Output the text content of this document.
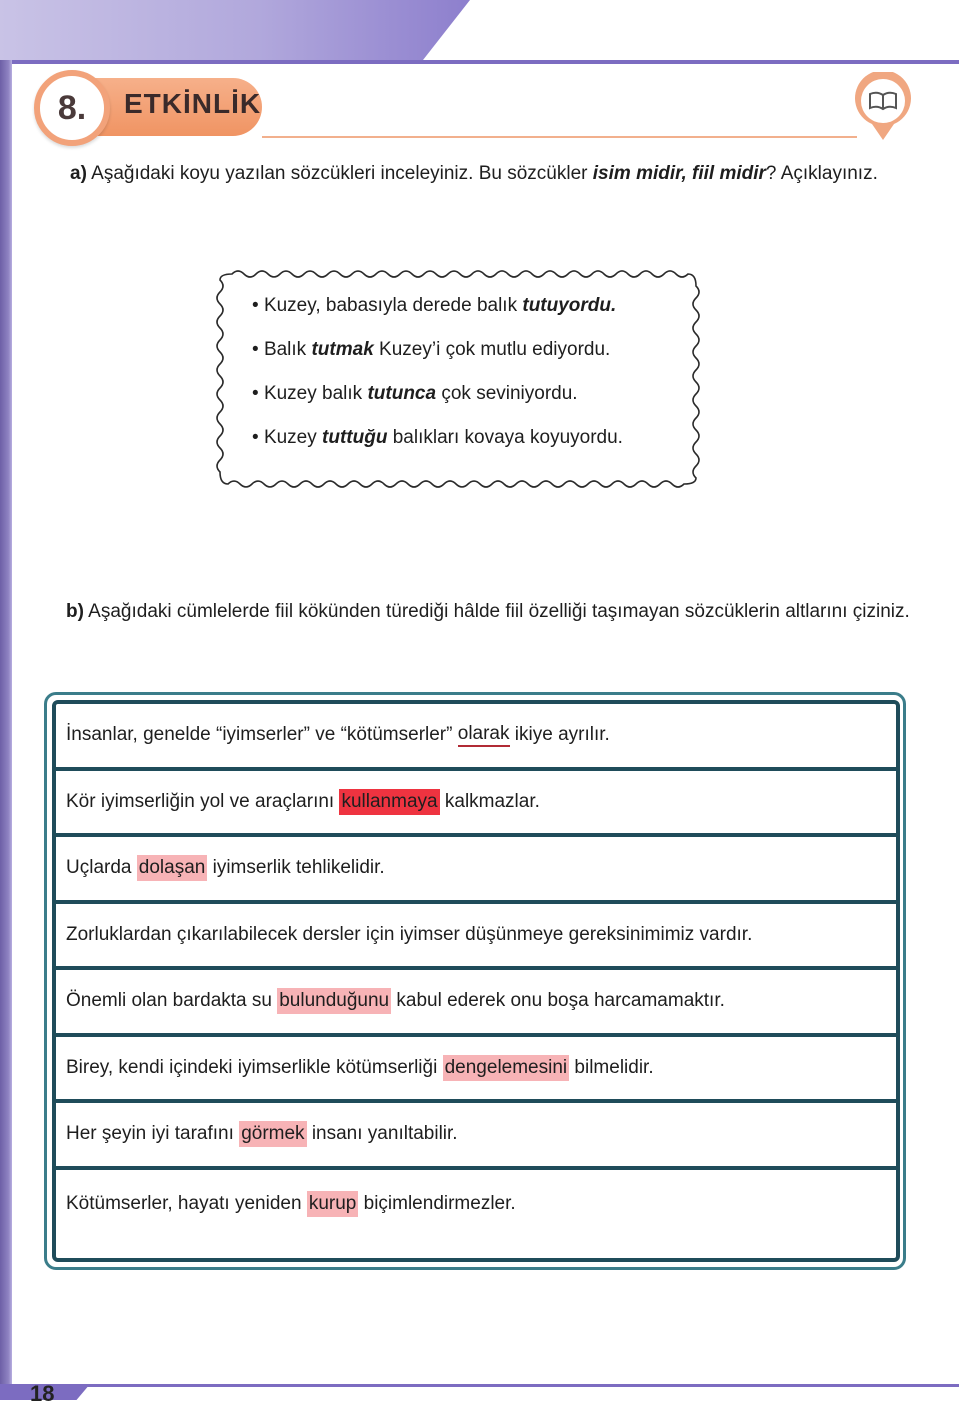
ETKİNLİK
8.
a) Aşağıdaki koyu yazılan sözcükleri inceleyiniz. Bu sözcükler isim midir, fiil midir? Açıklayınız.
• Kuzey, babasıyla derede balık tutuyordu.
• Balık tutmak Kuzey’i çok mutlu ediyordu.
• Kuzey balık tutunca çok seviniyordu.
• Kuzey tuttuğu balıkları kovaya koyuyordu.
b) Aşağıdaki cümlelerde fiil kökünden türediği hâlde fiil özelliği taşımayan sözcüklerin altlarını çiziniz.
İnsanlar, genelde “iyimserler” ve “kötümserler”
olarak
ikiye ayrılır.
Kör iyimserliğin yol ve araçlarını
kullanmaya
kalkmazlar.
Uçlarda
dolaşan
iyimserlik tehlikelidir.
Zorluklardan çıkarılabilecek dersler için iyimser düşünmeye gereksinimimiz vardır.
Önemli olan bardakta su
bulunduğunu
kabul ederek onu boşa harcamamaktır.
Birey, kendi içindeki iyimserlikle kötümserliği
dengelemesini
bilmelidir.
Her şeyin iyi tarafını
görmek
insanı yanıltabilir.
Kötümserler, hayatı yeniden
kurup
biçimlendirmezler.
18
